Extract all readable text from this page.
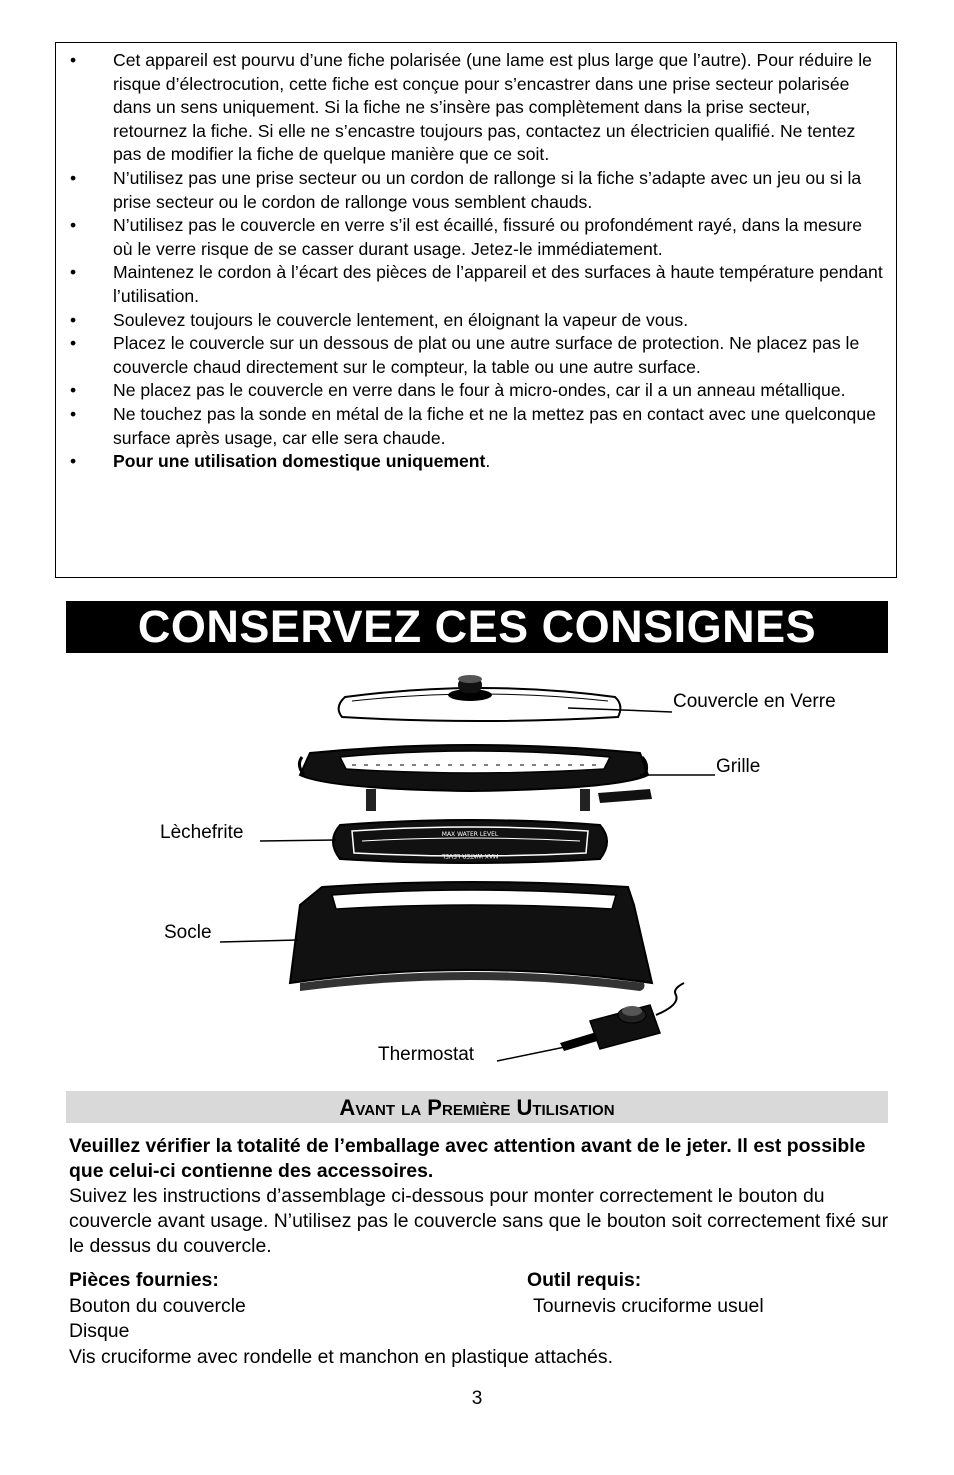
• Cet appareil est pourvu d’une fiche polarisée (une lame est plus large que l’autre). Pour réduire le risque d’électrocution, cette fiche est conçue pour s’encastrer dans une prise secteur polarisée dans un sens uniquement. Si la fiche ne s’insère pas complètement dans la prise secteur, retournez la fiche. Si elle ne s’encastre toujours pas, contactez un électricien qualifié. Ne tentez pas de modifier la fiche de quelque manière que ce soit.
• N’utilisez pas une prise secteur ou un cordon de rallonge si la fiche s’adapte avec un jeu ou si la prise secteur ou le cordon de rallonge vous semblent chauds.
• N’utilisez pas le couvercle en verre s’il est écaillé, fissuré ou profondément rayé, dans la mesure où le verre risque de se casser durant usage. Jetez-le immédiatement.
• Maintenez le cordon à l’écart des pièces de l’appareil et des surfaces à haute température pendant l’utilisation.
• Soulevez toujours le couvercle lentement, en éloignant la vapeur de vous.
• Placez le couvercle sur un dessous de plat ou une autre surface de protection. Ne placez pas le couvercle chaud directement sur le compteur, la table ou une autre surface.
• Ne placez pas le couvercle en verre dans le four à micro-ondes, car il a un anneau métallique.
• Ne touchez pas la sonde en métal de la fiche et ne la mettez pas en contact avec une quelconque surface après usage, car elle sera chaude.
• Pour une utilisation domestique uniquement.
CONSERVEZ CES CONSIGNES
MAX WATER LEVEL
MAX WATER LEVEL
Couvercle en Verre
Grille
Lèchefrite
Socle
Thermostat
Avant la Première Utilisation

Veuillez vérifier la totalité de l’emballage avec attention avant de le jeter. Il est possible que celui-ci contienne des accessoires.

Suivez les instructions d’assemblage ci-dessous pour monter correctement le bouton du couvercle avant usage. N’utilisez pas le couvercle sans que le bouton soit correctement fixé sur le dessus du couvercle.

Pièces fournies:
Bouton du couvercle
Disque
Vis cruciforme avec rondelle et manchon en plastique attachés.
Outil requis:
Tournevis cruciforme usuel
3
